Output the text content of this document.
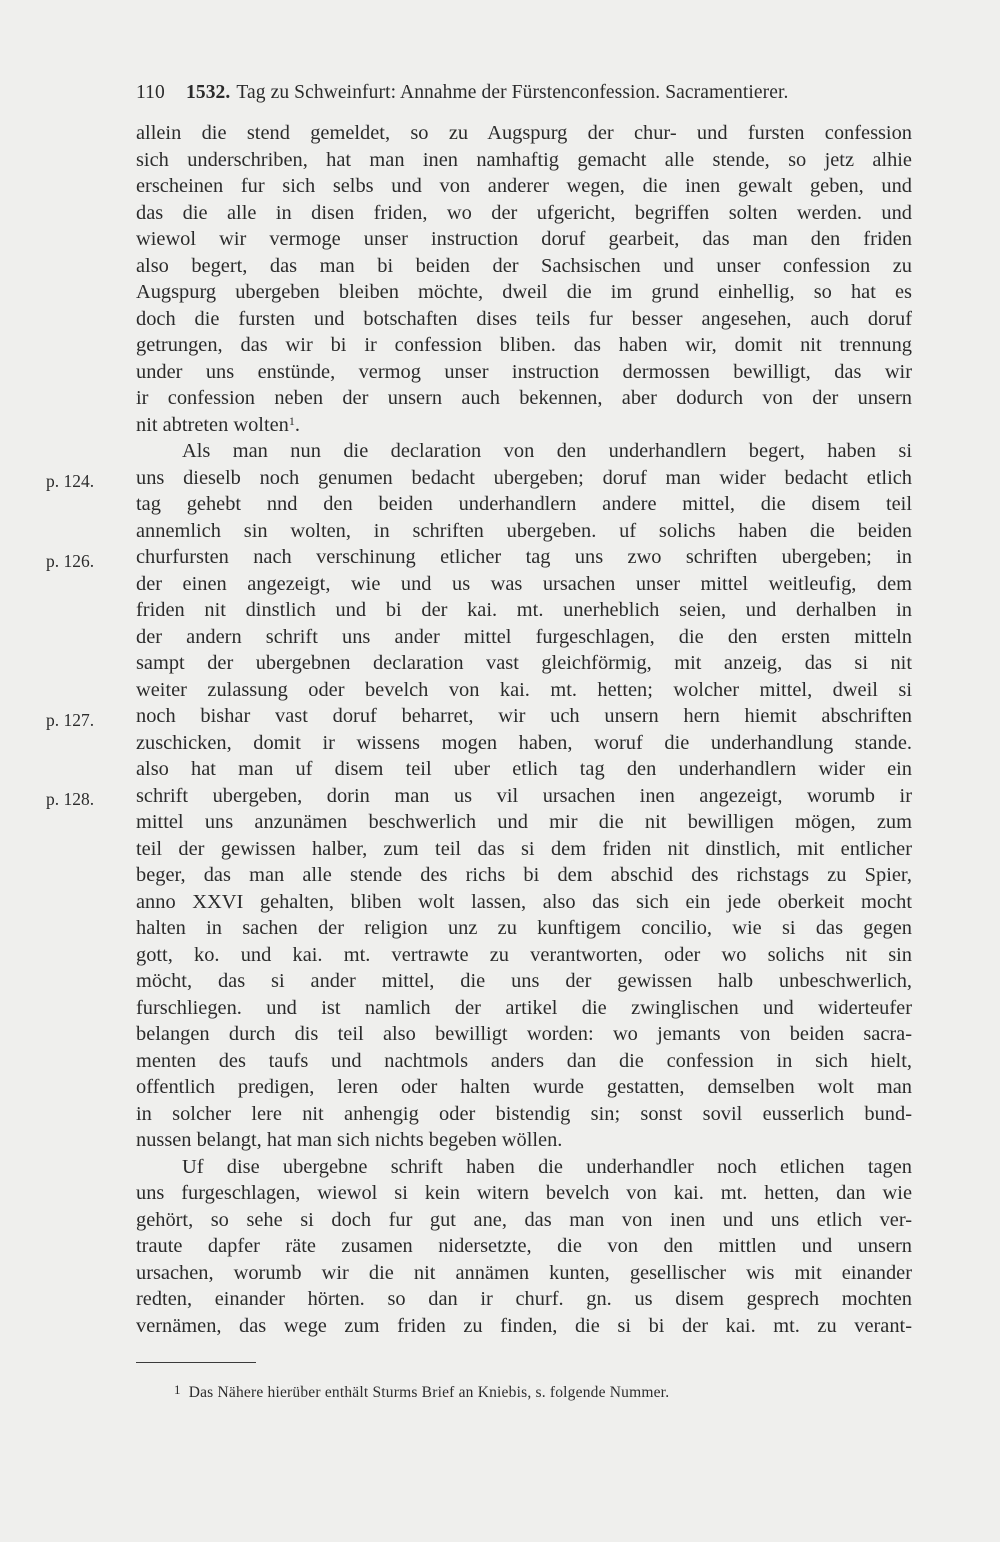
110 1532. Tag zu Schweinfurt: Annahme der Fürstenconfession. Sacramentierer.
p. 124.
p. 126.
p. 127.
p. 128.
allein die stend gemeldet, so zu Augspurg der chur- und fursten confession
sich underschriben, hat man inen namhaftig gemacht alle stende, so jetz alhie
erscheinen fur sich selbs und von anderer wegen, die inen gewalt geben, und
das die alle in disen friden, wo der ufgericht, begriffen solten werden. und
wiewol wir vermoge unser instruction doruf gearbeit, das man den friden
also begert, das man bi beiden der Sachsischen und unser confession zu
Augspurg ubergeben bleiben möchte, dweil die im grund einhellig, so hat es
doch die fursten und botschaften dises teils fur besser angesehen, auch doruf
getrungen, das wir bi ir confession bliben. das haben wir, domit nit trennung
under uns enstünde, vermog unser instruction dermossen bewilligt, das wir
ir confession neben der unsern auch bekennen, aber dodurch von der unsern
nit abtreten wolten$^1$.
Als man nun die declaration von den underhandlern begert, haben si
uns dieselb noch genumen bedacht ubergeben; doruf man wider bedacht etlich
tag gehebt nnd den beiden underhandlern andere mittel, die disem teil
annemlich sin wolten, in schriften ubergeben. uf solichs haben die beiden
churfursten nach verschinung etlicher tag uns zwo schriften ubergeben; in
der einen angezeigt, wie und us was ursachen unser mittel weitleufig, dem
friden nit dinstlich und bi der kai. mt. unerheblich seien, und derhalben in
der andern schrift uns ander mittel furgeschlagen, die den ersten mitteln
sampt der ubergebnen declaration vast gleichförmig, mit anzeig, das si nit
weiter zulassung oder bevelch von kai. mt. hetten; wolcher mittel, dweil si
noch bishar vast doruf beharret, wir uch unsern hern hiemit abschriften
zuschicken, domit ir wissens mogen haben, woruf die underhandlung stande.
also hat man uf disem teil uber etlich tag den underhandlern wider ein
schrift ubergeben, dorin man us vil ursachen inen angezeigt, worumb ir
mittel uns anzunämen beschwerlich und mir die nit bewilligen mögen, zum
teil der gewissen halber, zum teil das si dem friden nit dinstlich, mit entlicher
beger, das man alle stende des richs bi dem abschid des richstags zu Spier,
anno XXVI gehalten, bliben wolt lassen, also das sich ein jede oberkeit mocht
halten in sachen der religion unz zu kunftigem concilio, wie si das gegen
gott, ko. und kai. mt. vertrawte zu verantworten, oder wo solichs nit sin
möcht, das si ander mittel, die uns der gewissen halb unbeschwerlich,
furschliegen. und ist namlich der artikel die zwinglischen und widerteufer
belangen durch dis teil also bewilligt worden: wo jemants von beiden sacra-
menten des taufs und nachtmols anders dan die confession in sich hielt,
offentlich predigen, leren oder halten wurde gestatten, demselben wolt man
in solcher lere nit anhengig oder bistendig sin; sonst sovil eusserlich bund-
nussen belangt, hat man sich nichts begeben wöllen.
Uf dise ubergebne schrift haben die underhandler noch etlichen tagen
uns furgeschlagen, wiewol si kein witern bevelch von kai. mt. hetten, dan wie
gehört, so sehe si doch fur gut ane, das man von inen und uns etlich ver-
traute dapfer räte zusamen nidersetzte, die von den mittlen und unsern
ursachen, worumb wir die nit annämen kunten, gesellischer wis mit einander
redten, einander hörten. so dan ir churf. gn. us disem gesprech mochten
vernämen, das wege zum friden zu finden, die si bi der kai. mt. zu verant-
1 Das Nähere hierüber enthält Sturms Brief an Kniebis, s. folgende Nummer.
